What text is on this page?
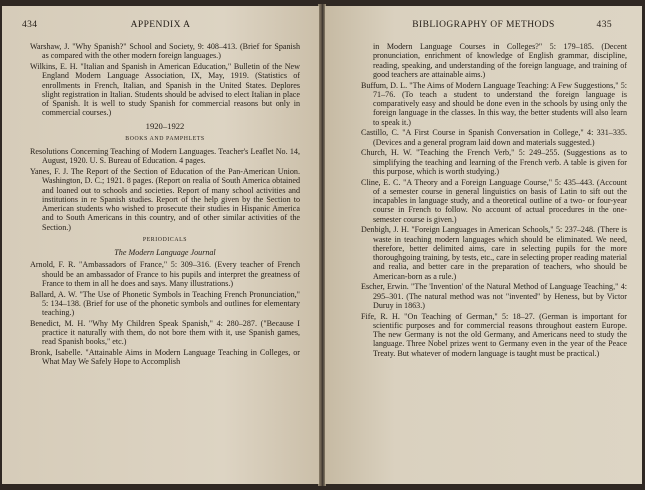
434	APPENDIX A

Warshaw, J. "Why Spanish?" School and Society, 9: 408–413. (Brief for Spanish as compared with the other modern foreign languages.)

Wilkins, E. H. "Italian and Spanish in American Education," Bulletin of the New England Modern Language Association, IX, May, 1919. (Statistics of enrollments in French, Italian, and Spanish in the United States. Deplores slight registration in Italian. Students should be advised to elect Italian in place of Spanish. It is well to study Spanish for commercial reasons but only in commercial courses.)

1920–1922
BOOKS AND PAMPHLETS

Resolutions Concerning Teaching of Modern Languages. Teacher's Leaflet No. 14, August, 1920. U. S. Bureau of Education. 4 pages.

Yanes, F. J. The Report of the Section of Education of the Pan-American Union. Washington, D. C.; 1921. 8 pages. (Report on realia of South America obtained and loaned out to schools and societies. Report of many school activities and institutions in re Spanish studies. Report of the help given by the Section to American students who wished to prosecute their studies in Hispanic America and to South Americans in this country, and of other similar activities of the Section.)

PERIODICALS
The Modern Language Journal

Arnold, F. R. "Ambassadors of France," 5: 309–316. (Every teacher of French should be an ambassador of France to his pupils and interpret the greatness of France to them in all he does and says. Many illustrations.)

Ballard, A. W. "The Use of Phonetic Symbols in Teaching French Pronunciation," 5: 134–138. (Brief for use of the phonetic symbols and outlines for elementary teaching.)

Benedict, M. H. "Why My Children Speak Spanish," 4: 280–287. ("Because I practice it naturally with them, do not bore them with it, use Spanish games, read Spanish books," etc.)

Bronk, Isabelle. "Attainable Aims in Modern Language Teaching in Colleges, or What May We Safely Hope to Accomplish

BIBLIOGRAPHY OF METHODS	435

in Modern Language Courses in Colleges?" 5: 179–185. (Decent pronunciation, enrichment of knowledge of English grammar, discipline, reading, speaking, and understanding of the foreign language, and training of good teachers are attainable aims.)

Buffum, D. L. "The Aims of Modern Language Teaching: A Few Suggestions," 5: 71–76. (To teach a student to understand the foreign language is comparatively easy and should be done even in the schools by using only the foreign language in the classes. In this way, the better students will also learn to speak it.)

Castillo, C. "A First Course in Spanish Conversation in College," 4: 331–335. (Devices and a general program laid down and materials suggested.)

Church, H. W. "Teaching the French Verb," 5: 249–255. (Suggestions as to simplifying the teaching and learning of the French verb. A table is given for this purpose, which is worth studying.)

Cline, E. C. "A Theory and a Foreign Language Course," 5: 435–443. (Account of a semester course in general linguistics on basis of Latin to sift out the incapables in language study, and a theoretical outline of a two- or four-year course in French to follow. No account of actual procedures in the one-semester course is given.)

Denbigh, J. H. "Foreign Languages in American Schools," 5: 237–248. (There is waste in teaching modern languages which should be eliminated. We need, therefore, better delimited aims, care in selecting pupils for the more thoroughgoing training, by tests, etc., care in selecting proper reading material and realia, and better care in the preparation of teachers, who should be American-born as a rule.)

Escher, Erwin. "The 'Invention' of the Natural Method of Language Teaching," 4: 295–301. (The natural method was not "invented" by Heness, but by Victor Duruy in 1863.)

Fife, R. H. "On Teaching of German," 5: 18–27. (German is important for scientific purposes and for commercial reasons throughout eastern Europe. The new Germany is not the old Germany, and Americans need to study the language. Three Nobel prizes went to Germany even in the year of the Peace Treaty. But whatever of modern language is taught must be practical.)
